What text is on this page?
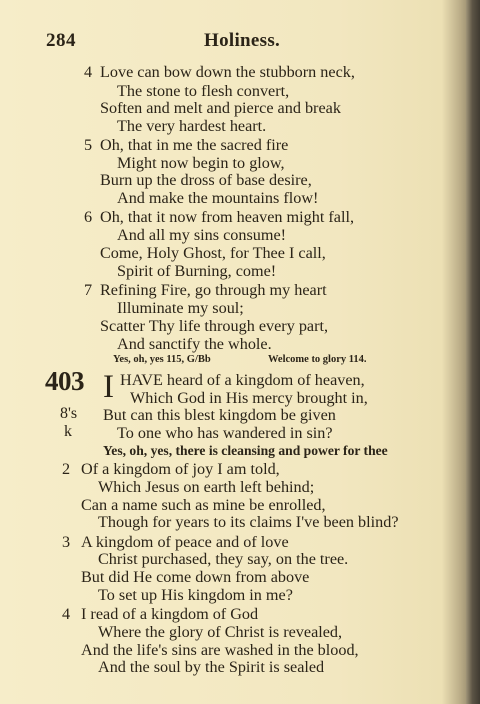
284	Holiness.
4 Love can bow down the stubborn neck,
The stone to flesh convert,
Soften and melt and pierce and break
The very hardest heart.
5 Oh, that in me the sacred fire
Might now begin to glow,
Burn up the dross of base desire,
And make the mountains flow!
6 Oh, that it now from heaven might fall,
And all my sins consume!
Come, Holy Ghost, for Thee I call,
Spirit of Burning, come!
7 Refining Fire, go through my heart
Illuminate my soul;
Scatter Thy life through every part,
And sanctify the whole.
Yes, oh, yes 115, G/Bb	Welcome to glory 114.
403 I HAVE heard of a kingdom of heaven,
Which God in His mercy brought in,
8's But can this blest kingdom be given
k	To one who has wandered in sin?
Yes, oh, yes, there is cleansing and power for thee
2 Of a kingdom of joy I am told,
Which Jesus on earth left behind;
Can a name such as mine be enrolled,
Though for years to its claims I've been blind?
3 A kingdom of peace and of love
Christ purchased, they say, on the tree.
But did He come down from above
To set up His kingdom in me?
4 I read of a kingdom of God
Where the glory of Christ is revealed,
And the life's sins are washed in the blood,
And the soul by the Spirit is sealed
